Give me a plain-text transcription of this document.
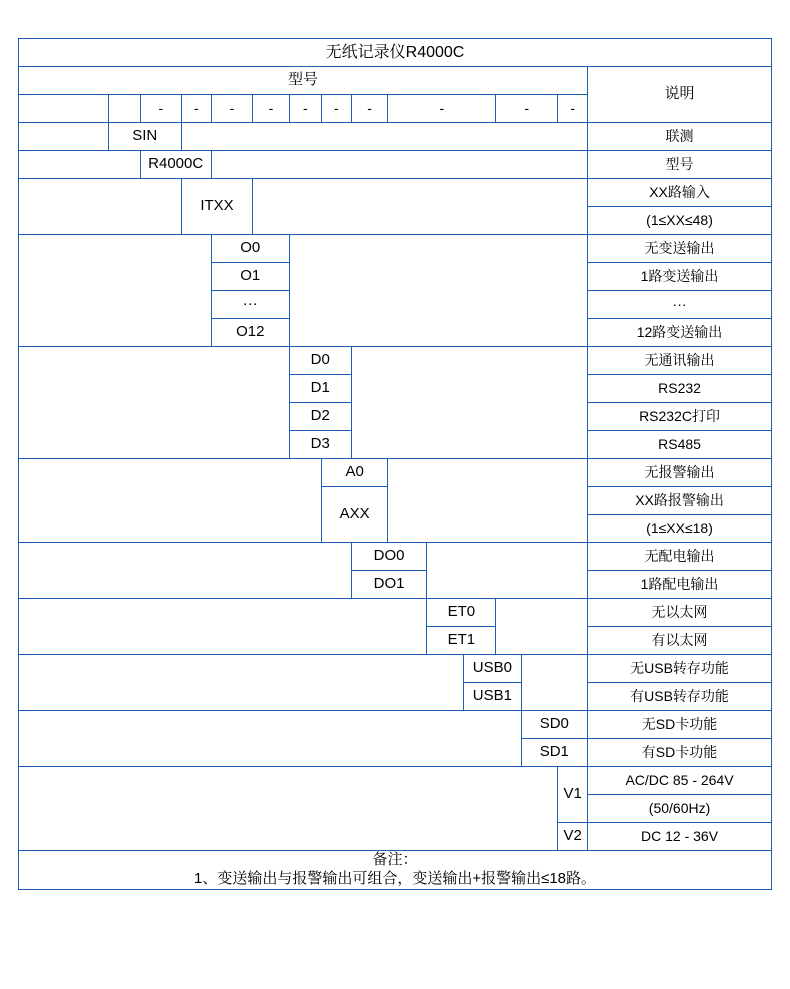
无纸记录仪R4000C															
型号															说明
		-	-	-	-	-	-	-	-			-		-	
公司名称	SIN														联测
型号		R4000C													型号
输入通道			ITXX												XX路输入
															(1≤XX≤48)
变送输出				O0											无变送输出
				O1											1路变送输出
				···											···
				O12											12路变送输出
通讯输出类型						D0									无通讯输出
						D1									RS232
						D2									RS232C打印
						D3									RS485
报警输出							A0								无报警输出
							AXX								XX路报警输出
															(1≤XX≤18)
配电输出								DO0							无配电输出
								DO1							1路配电输出
以太网										ET0					无以太网
										ET1					有以太网
USB转存											USB0				无USB转存功能
											USB1				有USB转存功能
SD卡													SD0		无SD卡功能
													SD1		有SD卡功能
供电电源														V1	AC/DC 85 - 264V
															(50/60Hz)
														V2	DC 12 - 36V

备注：
1、变送输出与报警输出可组合，变送输出+报警输出≤18路。															
